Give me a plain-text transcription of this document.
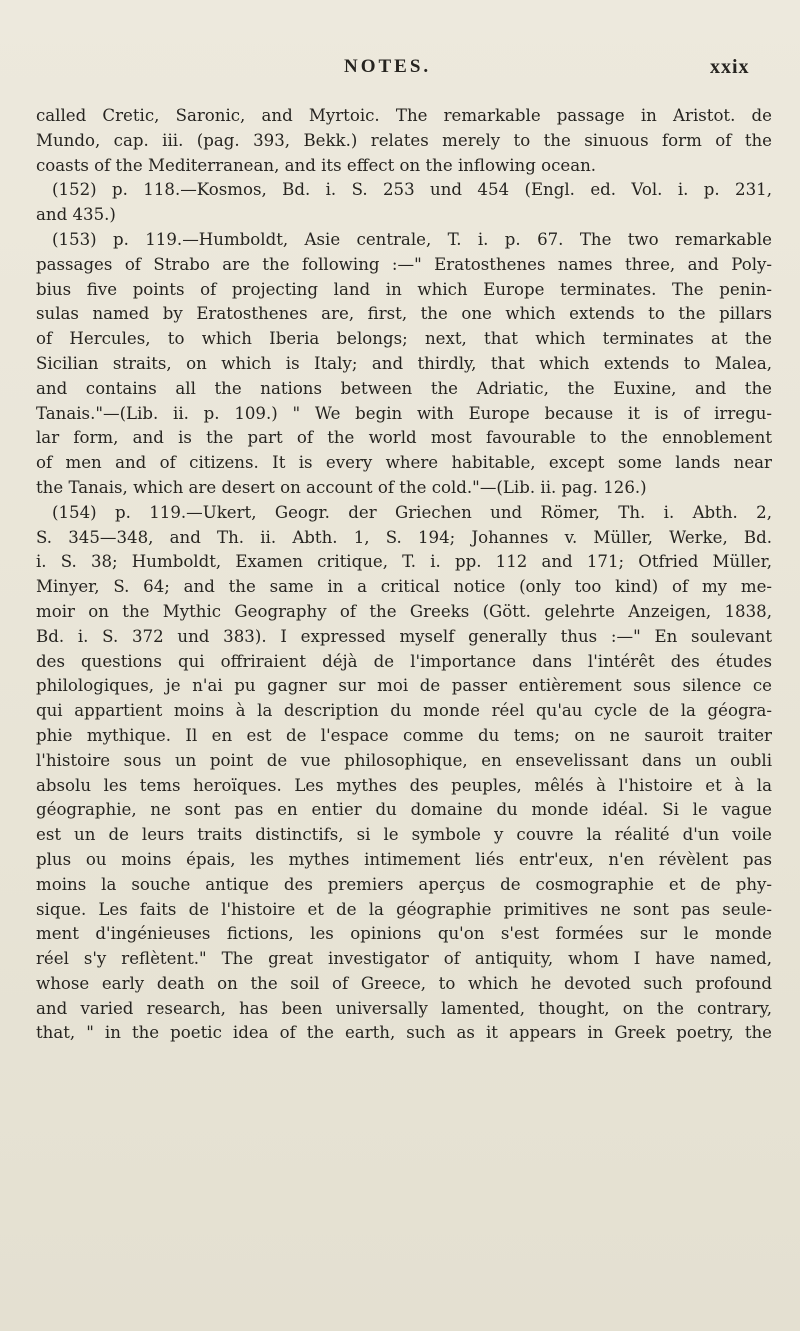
NOTES.	xxix
called Cretic, Saronic, and Myrtoic. The remarkable passage in Aristot. de
Mundo, cap. iii. (pag. 393, Bekk.) relates merely to the sinuous form of the
coasts of the Mediterranean, and its effect on the inflowing ocean.
(152) p. 118.—Kosmos, Bd. i. S. 253 und 454 (Engl. ed. Vol. i. p. 231,
and 435.)
(153) p. 119.—Humboldt, Asie centrale, T. i. p. 67. The two remarkable
passages of Strabo are the following :—" Eratosthenes names three, and Poly-
bius five points of projecting land in which Europe terminates. The penin-
sulas named by Eratosthenes are, first, the one which extends to the pillars
of Hercules, to which Iberia belongs; next, that which terminates at the
Sicilian straits, on which is Italy; and thirdly, that which extends to Malea,
and contains all the nations between the Adriatic, the Euxine, and the
Tanais."—(Lib. ii. p. 109.) " We begin with Europe because it is of irregu-
lar form, and is the part of the world most favourable to the ennoblement
of men and of citizens. It is every where habitable, except some lands near
the Tanais, which are desert on account of the cold."—(Lib. ii. pag. 126.)
(154) p. 119.—Ukert, Geogr. der Griechen und Römer, Th. i. Abth. 2,
S. 345—348, and Th. ii. Abth. 1, S. 194; Johannes v. Müller, Werke, Bd.
i. S. 38; Humboldt, Examen critique, T. i. pp. 112 and 171; Otfried Müller,
Minyer, S. 64; and the same in a critical notice (only too kind) of my me-
moir on the Mythic Geography of the Greeks (Gött. gelehrte Anzeigen, 1838,
Bd. i. S. 372 und 383). I expressed myself generally thus :—" En soulevant
des questions qui offriraient déjà de l'importance dans l'intérêt des études
philologiques, je n'ai pu gagner sur moi de passer entièrement sous silence ce
qui appartient moins à la description du monde réel qu'au cycle de la géogra-
phie mythique. Il en est de l'espace comme du tems; on ne sauroit traiter
l'histoire sous un point de vue philosophique, en ensevelissant dans un oubli
absolu les tems heroïques. Les mythes des peuples, mêlés à l'histoire et à la
géographie, ne sont pas en entier du domaine du monde idéal. Si le vague
est un de leurs traits distinctifs, si le symbole y couvre la réalité d'un voile
plus ou moins épais, les mythes intimement liés entr'eux, n'en révèlent pas
moins la souche antique des premiers aperçus de cosmographie et de phy-
sique. Les faits de l'histoire et de la géographie primitives ne sont pas seule-
ment d'ingénieuses fictions, les opinions qu'on s'est formées sur le monde
réel s'y reflètent." The great investigator of antiquity, whom I have named,
whose early death on the soil of Greece, to which he devoted such profound
and varied research, has been universally lamented, thought, on the contrary,
that, " in the poetic idea of the earth, such as it appears in Greek poetry, the
